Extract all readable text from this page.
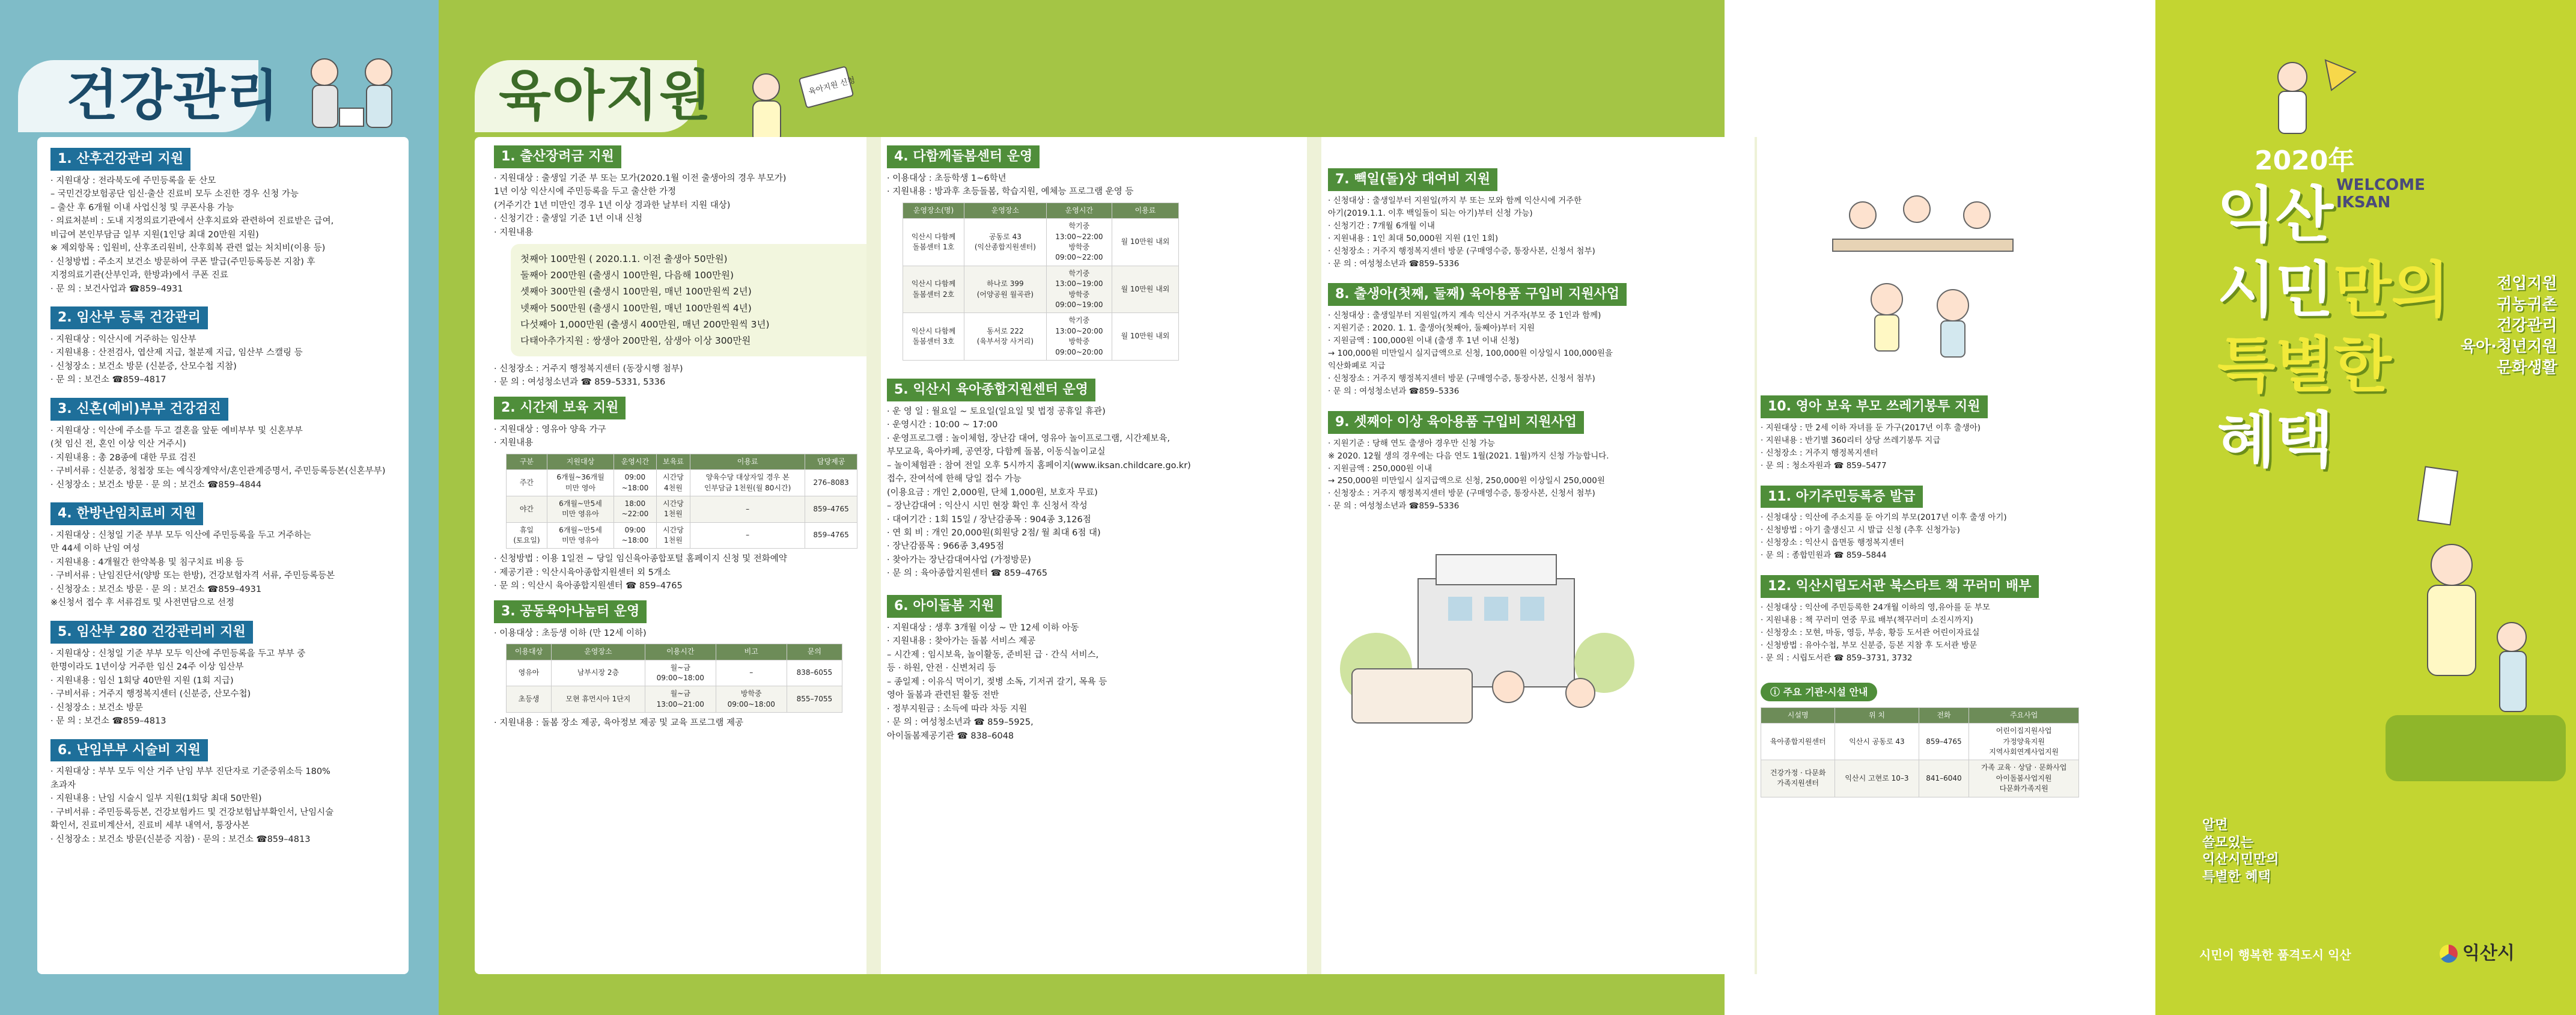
건강관리	육아지원	육아지원 신청
1. 산후건강관리 지원
· 지원대상 : 전라북도에 주민등록을 둔 산모
– 국민건강보험공단 임신·출산 진료비 모두 소진한 경우 신청 가능
– 출산 후 6개월 이내 사업신청 및 쿠폰사용 가능
· 의료처분비 : 도내 지정의료기관에서 산후치료와 관련하여 진료받은 급여,
비급여 본인부담금 일부 지원(1인당 최대 20만원 지원)
※ 제외항목 : 입원비, 산후조리원비, 산후회복 관련 없는 처치비(이용 등)
· 신청방법 : 주소지 보건소 방문하여 쿠폰 발급(주민등록등본 지참) 후
지정의료기관(산부인과, 한방과)에서 쿠폰 진료
· 문 의 : 보건사업과 ☎859–4931
2. 임산부 등록 건강관리
· 지원대상 : 익산시에 거주하는 임산부
· 지원내용 : 산전검사, 엽산제 지급, 철분제 지급, 임산부 스캘링 등
· 신청장소 : 보건소 방문 (신분증, 산모수첩 지참)
· 문 의 : 보건소 ☎859–4817
3. 신혼(예비)부부 건강검진
· 지원대상 : 익산에 주소를 두고 결혼을 앞둔 예비부부 및 신혼부부
(첫 임신 전, 혼인 이상 익산 거주시)
· 지원내용 : 총 28종에 대한 무료 검진
· 구비서류 : 신분증, 청첩장 또는 예식장계약서/혼인관계증명서, 주민등록등본(신혼부부)
· 신청장소 : 보건소 방문 · 문 의 : 보건소 ☎859–4844
4. 한방난임치료비 지원
· 지원대상 : 신청일 기준 부부 모두 익산에 주민등록을 두고 거주하는
만 44세 이하 난임 여성
· 지원내용 : 4개월간 한약복용 및 침구치료 비용 등
· 구비서류 : 난임진단서(양방 또는 한방), 건강보험자격 서류, 주민등록등본
· 신청장소 : 보건소 방문 · 문 의 : 보건소 ☎859–4931
※신청서 접수 후 서류검토 및 사전면담으로 선정
5. 임산부 280 건강관리비 지원
· 지원대상 : 신청일 기준 부부 모두 익산에 주민등록을 두고 부부 중
한명이라도 1년이상 거주한 임신 24주 이상 임산부
· 지원내용 : 임신 1회당 40만원 지원 (1회 지급)
· 구비서류 : 거주지 행정복지센터 (신분증, 산모수첩)
· 신청장소 : 보건소 방문
· 문 의 : 보건소 ☎859–4813
6. 난임부부 시술비 지원
· 지원대상 : 부부 모두 익산 거주 난임 부부 진단자로 기준중위소득 180%
초과자
· 지원내용 : 난임 시술시 일부 지원(1회당 최대 50만원)
· 구비서류 : 주민등록등본, 건강보험카드 및 건강보험납부확인서, 난임시술
확인서, 진료비계산서, 진료비 세부 내역서, 통장사본
· 신청장소 : 보건소 방문(신분증 지참) · 문의 : 보건소 ☎859–4813
1. 출산장려금 지원
· 지원대상 : 출생일 기준 부 또는 모가(2020.1월 이전 출생아의 경우 부모가)
1년 이상 익산시에 주민등록을 두고 출산한 가정
(거주기간 1년 미만인 경우 1년 이상 경과한 날부터 지원 대상)
· 신청기간 : 출생일 기준 1년 이내 신청
· 지원내용
첫째아 100만원 ( 2020.1.1. 이전 출생아 50만원)
둘째아 200만원 (출생시 100만원, 다음해 100만원)
셋째아 300만원 (출생시 100만원, 매년 100만원씩 2년)
넷째아 500만원 (출생시 100만원, 매년 100만원씩 4년)
다섯째아 1,000만원 (출생시 400만원, 매년 200만원씩 3년)
다태아추가지원 : 쌍생아 200만원, 삼생아 이상 300만원
· 신청장소 : 거주지 행정복지센터 (동장시행 첨부)
· 문 의 : 여성청소년과 ☎ 859–5331, 5336
2. 시간제 보육 지원
· 지원대상 : 영유아 양육 가구
· 지원내용
구분	지원대상	운영시간	보육료	이용료	담당제공
주간	6개월~36개월
미만 영아	09:00
~18:00	시간당
4천원	양육수당 대상자일 경우 본
인부담금 1천원(월 80시간)	276–8083
야간	6개월~만5세
미만 영유아	18:00
~22:00	시간당
1천원	–	859–4765
휴일
(토요일)	6개월~만5세
미만 영유아	09:00
~18:00	시간당
1천원	–	859–4765
· 신청방법 : 이용 1일전 ~ 당일 임신육아종합포털 홈페이지 신청 및 전화예약
· 제공기관 : 익산시육아종합지원센터 외 5개소
· 문 의 : 익산시 육아종합지원센터 ☎ 859–4765
3. 공동육아나눔터 운영
· 이용대상 : 초등생 이하 (만 12세 이하)
이용대상	운영장소	이용시간	비고	문의
영유아	남부시장 2층	월~금
09:00~18:00	–	838–6055
초등생	모현 휴먼시아 1단지	월~금
13:00~21:00	방학중
09:00~18:00	855–7055
· 지원내용 : 돌봄 장소 제공, 육아정보 제공 및 교육 프로그램 제공
4. 다함께돌봄센터 운영
· 이용대상 : 초등학생 1~6학년
· 지원내용 : 방과후 초등돌봄, 학습지원, 예체능 프로그램 운영 등
운영장소(명)	운영장소	운영시간	이용료
익산시 다함께
돌봄센터 1호	공동로 43
(익산종합지원센터)	학기중
13:00~22:00
방학중
09:00~22:00	월 10만원 내외
익산시 다함께
돌봄센터 2호	하나로 399
(어양공원 월곡관)	학기중
13:00~19:00
방학중
09:00~19:00	월 10만원 내외
익산시 다함께
돌봄센터 3호	동서로 222
(육부서장 사거리)	학기중
13:00~20:00
방학중
09:00~20:00	월 10만원 내외
5. 익산시 육아종합지원센터 운영
· 운 영 일 : 월요일 ~ 토요일(일요일 및 법정 공휴일 휴관)
· 운영시간 : 10:00 ~ 17:00
· 운영프로그램 : 놀이체험, 장난감 대여, 영유아 놀이프로그램, 시간제보육,
부모교육, 육아카페, 공연장, 다함께 돌봄, 이동식놀이교실
– 놀이체험관 : 참여 전일 오후 5시까지 홈페이지(www.iksan.childcare.go.kr)
접수, 잔여석에 한해 당일 접수 가능
(이용요금 : 개인 2,000원, 단체 1,000원, 보호자 무료)
– 장난감대여 : 익산시 시민 현장 확인 후 신청서 작성
· 대여기간 : 1회 15일 / 장난감종목 : 904종 3,126점
· 연 회 비 : 개인 20,000원(회원당 2점/ 월 최대 6점 대)
· 장난감품목 : 966종 3,495점
· 찾아가는 장난감대여사업 (가정방문)
· 문 의 : 육아종합지원센터 ☎ 859–4765
6. 아이돌봄 지원
· 지원대상 : 생후 3개월 이상 ~ 만 12세 이하 아동
· 지원내용 : 찾아가는 돌봄 서비스 제공
– 시간제 : 임시보육, 놀이활동, 준비된 급 · 간식 서비스,
등 · 하원, 안전 · 신변처리 등
– 종일제 : 이유식 먹이기, 젖병 소독, 기저귀 갈기, 목욕 등
영아 돌봄과 관련된 활동 전반
· 정부지원금 : 소득에 따라 차등 지원
· 문 의 : 여성청소년과 ☎ 859–5925,
아이돌봄제공기관 ☎ 838–6048
7. 빽일(돌)상 대여비 지원
· 신청대상 : 출생일부터 지원일(까지 부 또는 모와 함께 익산시에 거주한
아기(2019.1.1. 이후 백일돌이 되는 아기)부터 신청 가능)
· 신청기간 : 7개월 6개월 이내
· 지원내용 : 1인 최대 50,000원 지원 (1인 1회)
· 신청장소 : 거주지 행정복지센터 방문 (구매영수증, 통장사본, 신청서 첨부)
· 문 의 : 여성청소년과 ☎859–5336
8. 출생아(첫째, 둘째) 육아용품 구입비 지원사업
· 신청대상 : 출생일부터 지원일(까지 계속 익산시 거주자(부모 중 1인과 함께)
· 지원기준 : 2020. 1. 1. 출생아(첫째아, 둘째아)부터 지원
· 지원금액 : 100,000원 이내 (출생 후 1년 이내 신청)
→ 100,000원 미만일시 실지급액으로 신청, 100,000원 이상일시 100,000원을
익산화폐로 지급
· 신청장소 : 거주지 행정복지센터 방문 (구매영수증, 통장사본, 신청서 첨부)
· 문 의 : 여성청소년과 ☎859–5336
9. 셋째아 이상 육아용품 구입비 지원사업
· 지원기준 : 당해 연도 출생아 경우만 신청 가능
※ 2020. 12월 생의 경우에는 다음 연도 1월(2021. 1월)까지 신청 가능합니다.
· 지원금액 : 250,000원 이내
→ 250,000원 미만일시 실지급액으로 신청, 250,000원 이상일시 250,000원
· 신청장소 : 거주지 행정복지센터 방문 (구매영수증, 통장사본, 신청서 첨부)
· 문 의 : 여성청소년과 ☎859–5336
10. 영아 보육 부모 쓰레기봉투 지원
· 지원대상 : 만 2세 이하 자녀를 둔 가구(2017년 이후 출생아)
· 지원내용 : 반기별 360리터 상당 쓰레기봉투 지급
· 신청장소 : 거주지 행정복지센터
· 문 의 : 청소자원과 ☎ 859–5477
11. 아기주민등록증 발급
· 신청대상 : 익산에 주소지를 둔 아기의 부모(2017년 이후 출생 아기)
· 신청방법 : 아기 출생신고 시 발급 신청 (추후 신청가능)
· 신청장소 : 익산시 읍면동 행정복지센터
· 문 의 : 종합민원과 ☎ 859–5844
12. 익산시립도서관 북스타트 책 꾸러미 배부
· 신청대상 : 익산에 주민등록한 24개월 이하의 영,유아를 둔 부모
· 지원내용 : 책 꾸러미 연중 무료 배부(책꾸러미 소진시까지)
· 신청장소 : 모현, 마동, 영등, 부송, 황등 도서관 어린이자료실
· 신청방법 : 유아수첩, 부모 신분증, 등본 지참 후 도서관 방문
· 문 의 : 시립도서관 ☎ 859–3731, 3732
ⓘ 주요 기관·시설 안내
시설명	위 치	전화	주요사업
육아종합지원센터	익산시 공동로 43	859–4765	어린이집지원사업
가정양육지원
지역사회연계사업지원
건강가정 · 다문화
가족지원센터	익산시 고현로 10–3	841–6040	가족 교육 · 상담 · 문화사업
아이돌봄사업지원
다문화가족지원
2020年
WELCOME
IKSAN
익산
시민만의
특별한
혜택
전입지원
귀농귀촌
건강관리
육아·청년지원
문화생활
알면
쓸모있는
익산시민만의
특별한 혜택
시민이 행복한 품격도시 익산	익산시
